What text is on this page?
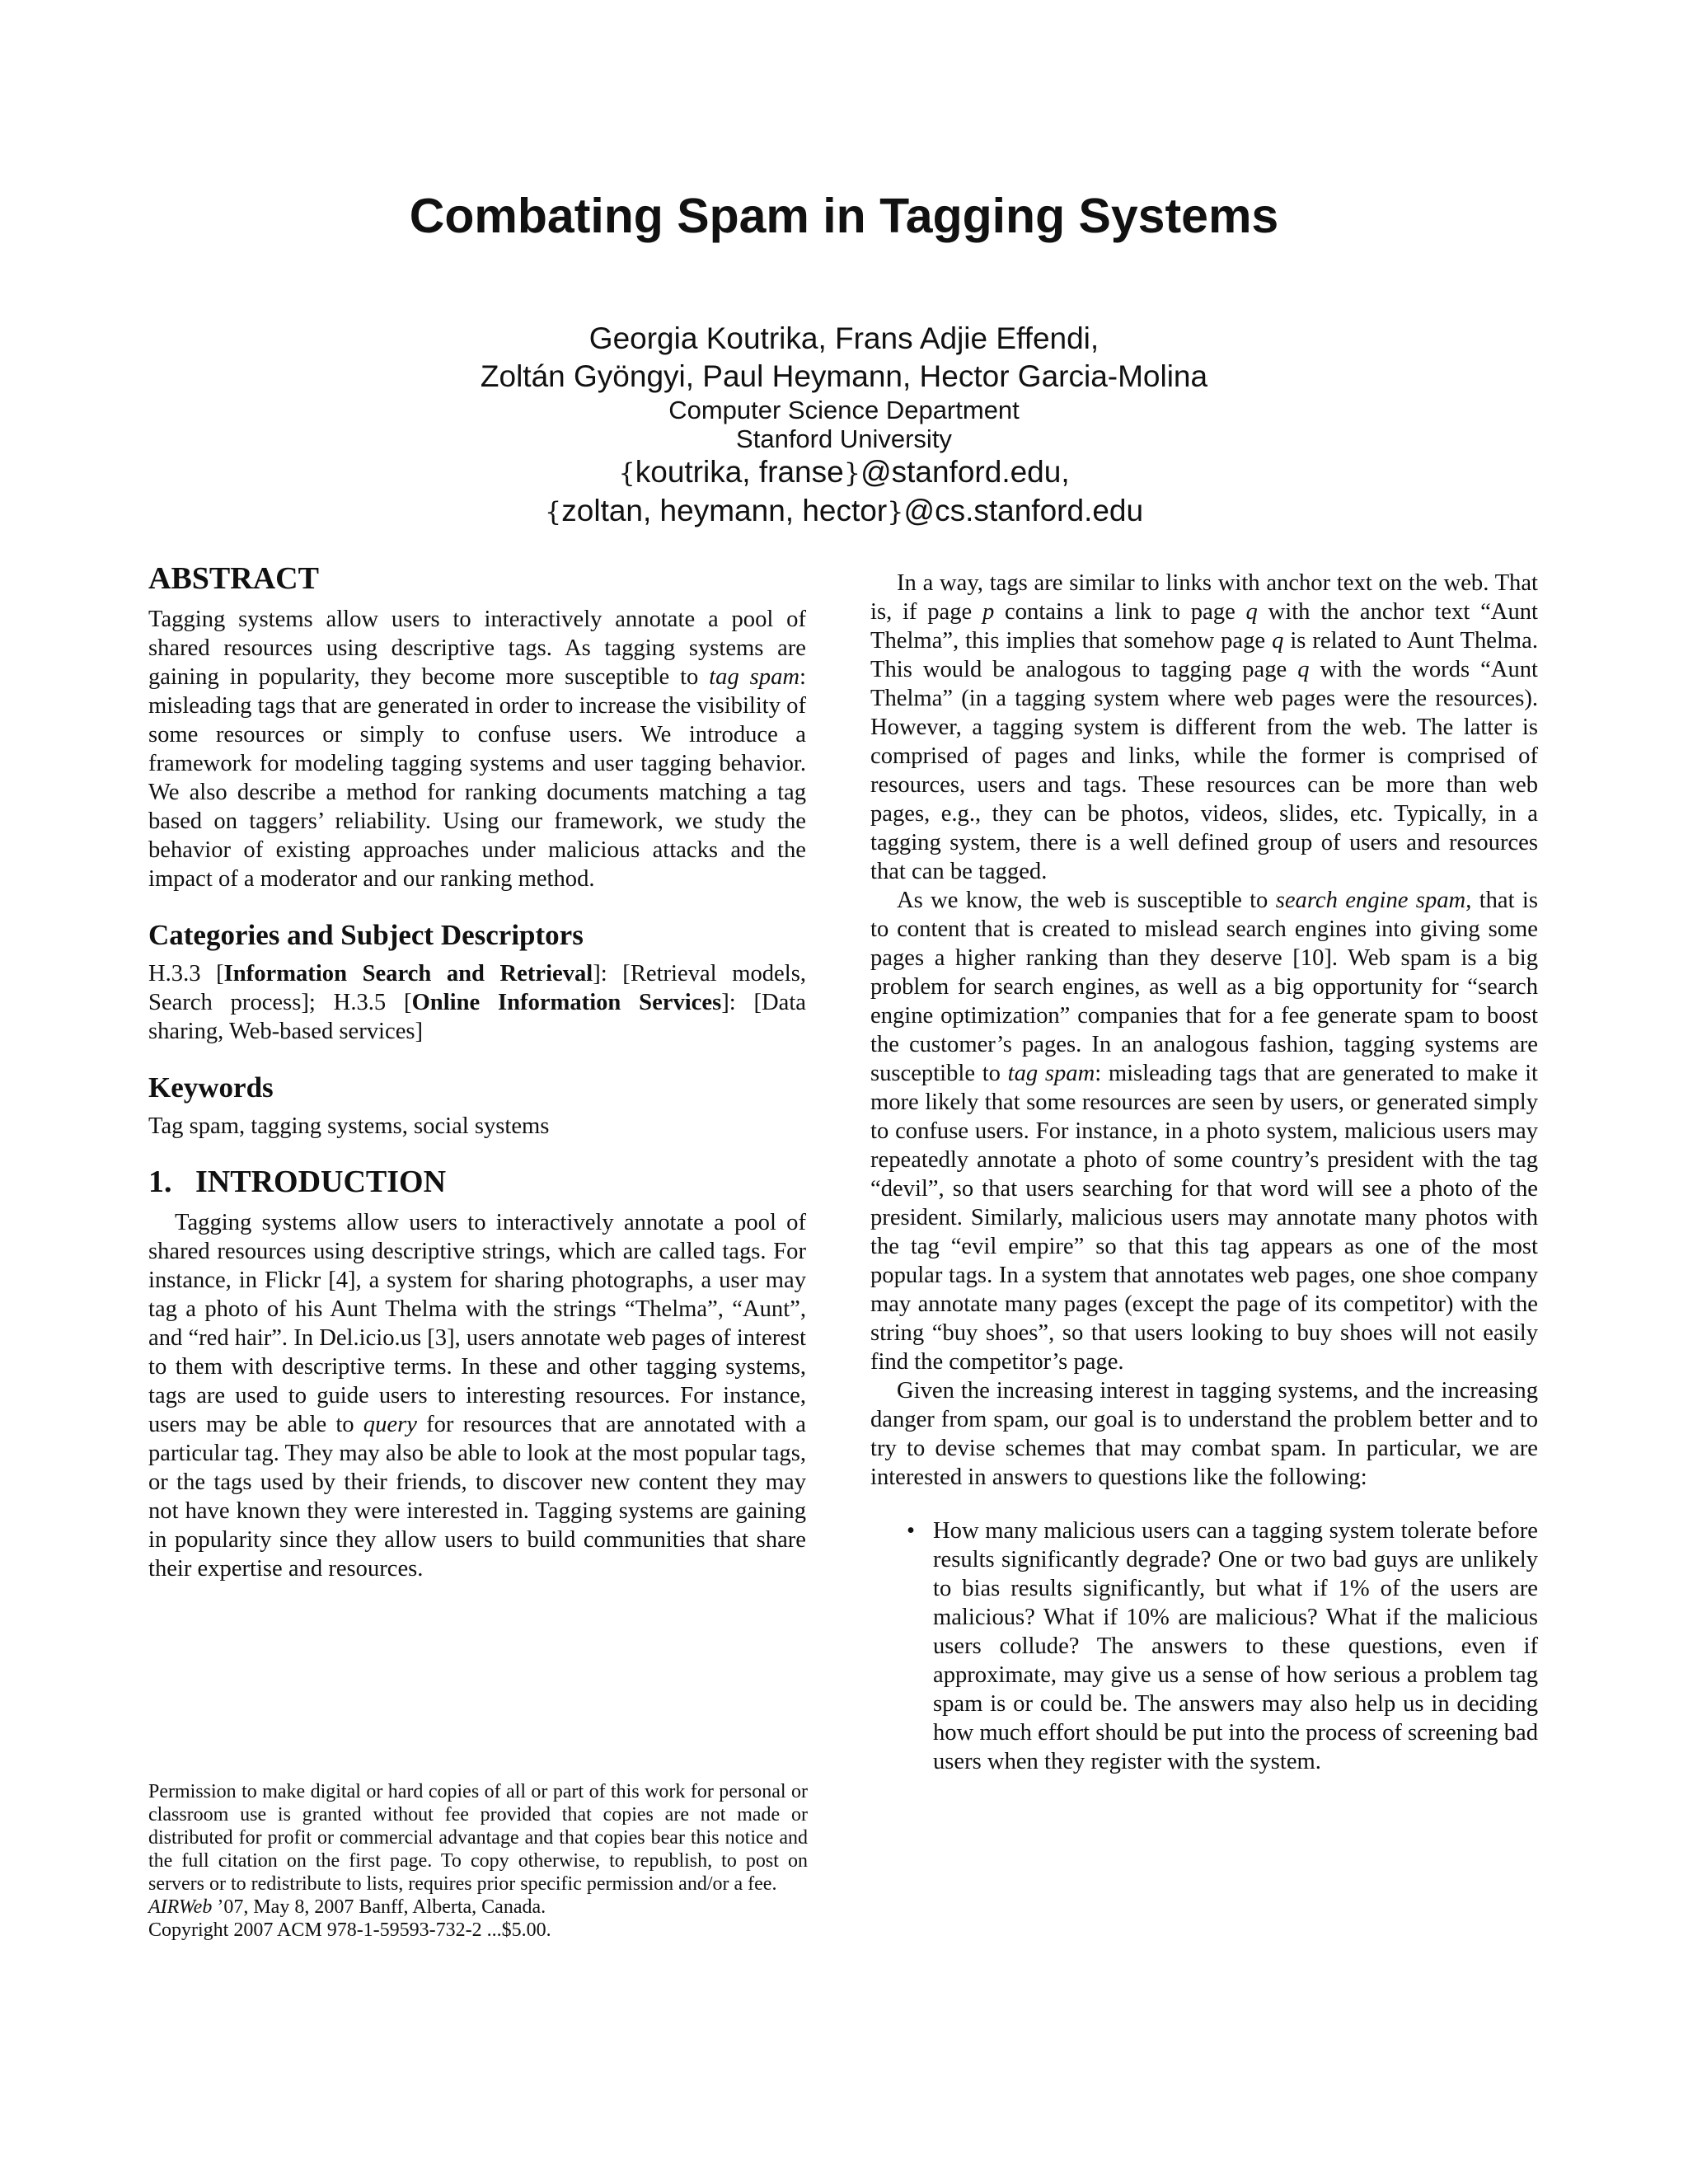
Combating Spam in Tagging Systems
Georgia Koutrika, Frans Adjie Effendi,
Zoltán Gyöngyi, Paul Heymann, Hector Garcia-Molina
Computer Science Department
Stanford University
{koutrika, franse}@stanford.edu,
{zoltan, heymann, hector}@cs.stanford.edu
ABSTRACT

Tagging systems allow users to interactively annotate a pool of shared resources using descriptive tags. As tagging systems are gaining in popularity, they become more susceptible to tag spam: misleading tags that are generated in order to increase the visibility of some resources or simply to confuse users. We introduce a framework for modeling tagging systems and user tagging behavior. We also describe a method for ranking documents matching a tag based on taggers’ reliability. Using our framework, we study the behavior of existing approaches under malicious attacks and the impact of a moderator and our ranking method.

Categories and Subject Descriptors

H.3.3 [Information Search and Retrieval]: [Retrieval models, Search process]; H.3.5 [Online Information Services]: [Data sharing, Web-based services]

Keywords

Tag spam, tagging systems, social systems

1.   INTRODUCTION

Tagging systems allow users to interactively annotate a pool of shared resources using descriptive strings, which are called tags. For instance, in Flickr [4], a system for sharing photographs, a user may tag a photo of his Aunt Thelma with the strings “Thelma”, “Aunt”, and “red hair”. In Del.icio.us [3], users annotate web pages of interest to them with descriptive terms. In these and other tagging systems, tags are used to guide users to interesting resources. For instance, users may be able to query for resources that are annotated with a particular tag. They may also be able to look at the most popular tags, or the tags used by their friends, to discover new content they may not have known they were interested in. Tagging systems are gaining in popularity since they allow users to build communities that share their expertise and resources.

Permission to make digital or hard copies of all or part of this work for personal or classroom use is granted without fee provided that copies are not made or distributed for profit or commercial advantage and that copies bear this notice and the full citation on the first page. To copy otherwise, to republish, to post on servers or to redistribute to lists, requires prior specific permission and/or a fee.

AIRWeb ’07, May 8, 2007 Banff, Alberta, Canada.

Copyright 2007 ACM 978-1-59593-732-2 ...$5.00.

In a way, tags are similar to links with anchor text on the web. That is, if page p contains a link to page q with the anchor text “Aunt Thelma”, this implies that somehow page q is related to Aunt Thelma. This would be analogous to tagging page q with the words “Aunt Thelma” (in a tagging system where web pages were the resources). However, a tagging system is different from the web. The latter is comprised of pages and links, while the former is comprised of resources, users and tags. These resources can be more than web pages, e.g., they can be photos, videos, slides, etc. Typically, in a tagging system, there is a well defined group of users and resources that can be tagged.

As we know, the web is susceptible to search engine spam, that is to content that is created to mislead search engines into giving some pages a higher ranking than they deserve [10]. Web spam is a big problem for search engines, as well as a big opportunity for “search engine optimization” companies that for a fee generate spam to boost the customer’s pages. In an analogous fashion, tagging systems are susceptible to tag spam: misleading tags that are generated to make it more likely that some resources are seen by users, or generated simply to confuse users. For instance, in a photo system, malicious users may repeatedly annotate a photo of some country’s president with the tag “devil”, so that users searching for that word will see a photo of the president. Similarly, malicious users may annotate many photos with the tag “evil empire” so that this tag appears as one of the most popular tags. In a system that annotates web pages, one shoe company may annotate many pages (except the page of its competitor) with the string “buy shoes”, so that users looking to buy shoes will not easily find the competitor’s page.

Given the increasing interest in tagging systems, and the increasing danger from spam, our goal is to understand the problem better and to try to devise schemes that may combat spam. In particular, we are interested in answers to questions like the following:

• How many malicious users can a tagging system tolerate before results significantly degrade? One or two bad guys are unlikely to bias results significantly, but what if 1% of the users are malicious? What if 10% are malicious? What if the malicious users collude? The answers to these questions, even if approximate, may give us a sense of how serious a problem tag spam is or could be. The answers may also help us in deciding how much effort should be put into the process of screening bad users when they register with the system.
